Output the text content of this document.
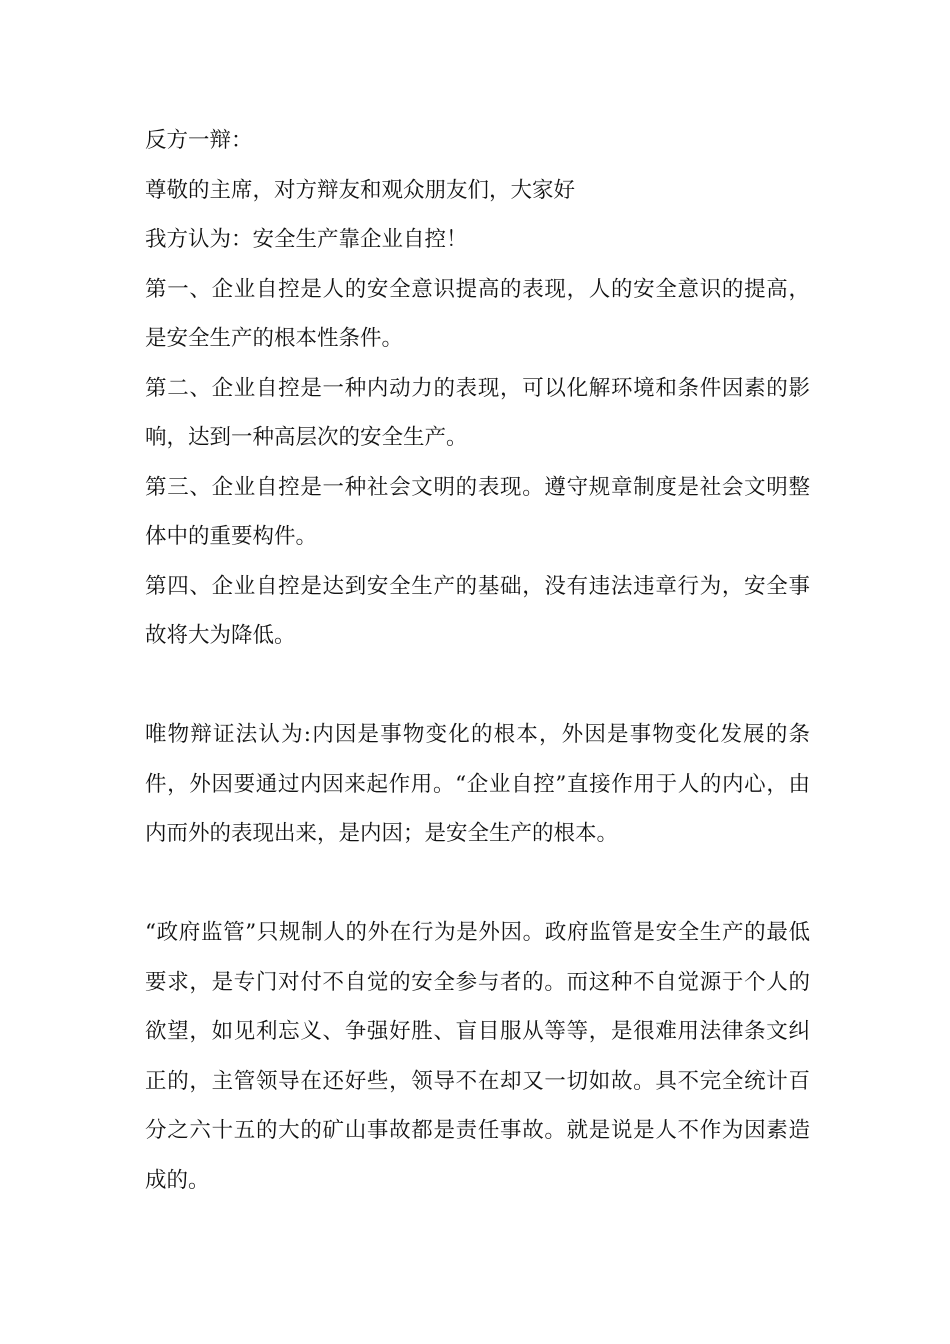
反方一辩：

尊敬的主席，对方辩友和观众朋友们，大家好

我方认为：安全生产靠企业自控！

第一、企业自控是人的安全意识提高的表现，人的安全意识的提高，是安全生产的根本性条件。

第二、企业自控是一种内动力的表现，可以化解环境和条件因素的影响，达到一种高层次的安全生产。

第三、企业自控是一种社会文明的表现。遵守规章制度是社会文明整体中的重要构件。

第四、企业自控是达到安全生产的基础，没有违法违章行为，安全事故将大为降低。

唯物辩证法认为:内因是事物变化的根本，外因是事物变化发展的条件，外因要通过内因来起作用。“企业自控”直接作用于人的内心，由内而外的表现出来，是内因；是安全生产的根本。

“政府监管”只规制人的外在行为是外因。政府监管是安全生产的最低要求，是专门对付不自觉的安全参与者的。而这种不自觉源于个人的欲望，如见利忘义、争强好胜、盲目服从等等，是很难用法律条文纠正的，主管领导在还好些，领导不在却又一切如故。具不完全统计百分之六十五的大的矿山事故都是责任事故。就是说是人不作为因素造成的。
